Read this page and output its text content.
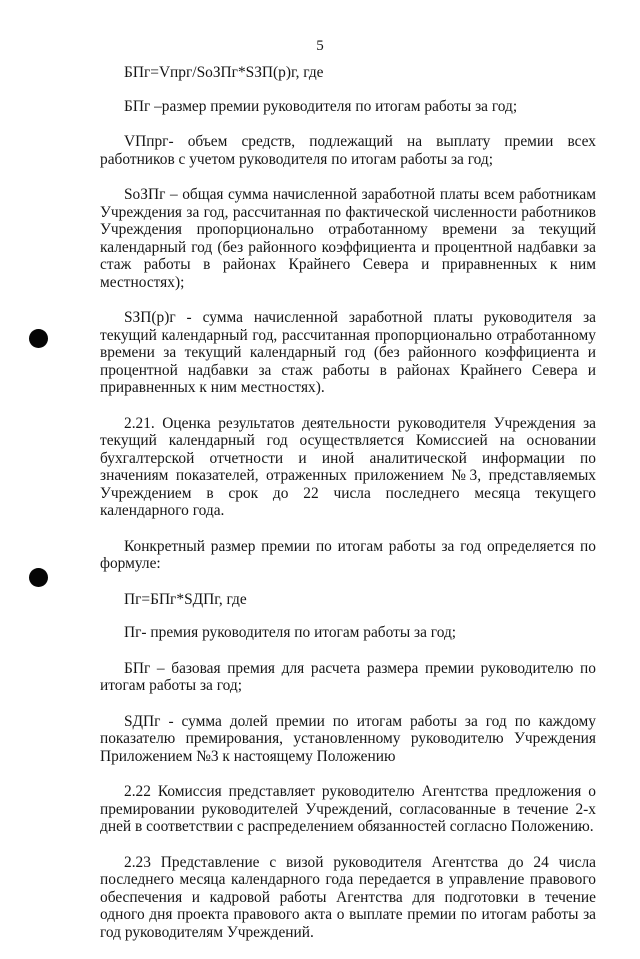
5

БПг=Vпрг/SoЗПг*SЗП(р)г, где

БПг –размер премии руководителя по итогам работы за год;

VПпрг- объем средств, подлежащий на выплату премии всех работников с учетом руководителя по итогам работы за год;

SoЗПг – общая сумма начисленной заработной платы всем работникам Учреждения за год, рассчитанная по фактической численности работников Учреждения пропорционально отработанному времени за текущий календарный год (без районного коэффициента и процентной надбавки за стаж работы в районах Крайнего Севера и приравненных к ним местностях);

SЗП(р)г - сумма начисленной заработной платы руководителя за текущий календарный год, рассчитанная пропорционально отработанному времени за текущий календарный год (без районного коэффициента и процентной надбавки за стаж работы в районах Крайнего Севера и приравненных к ним местностях).

2.21. Оценка результатов деятельности руководителя Учреждения за текущий календарный год осуществляется Комиссией на основании бухгалтерской отчетности и иной аналитической информации по значениям показателей, отраженных приложением №3, представляемых Учреждением в срок до 22 числа последнего месяца текущего календарного года.

Конкретный размер премии по итогам работы за год определяется по формуле:

Пг=БПг*SДПг, где

Пг- премия руководителя по итогам работы за год;

БПг – базовая премия для расчета размера премии руководителю по итогам работы за год;

SДПг - сумма долей премии по итогам работы за год по каждому показателю премирования, установленному руководителю Учреждения Приложением №3 к настоящему Положению

2.22 Комиссия представляет руководителю Агентства предложения о премировании руководителей Учреждений, согласованные в течение 2-х дней в соответствии с распределением обязанностей согласно Положению.

2.23 Представление с визой руководителя Агентства до 24 числа последнего месяца календарного года передается в управление правового обеспечения и кадровой работы Агентства для подготовки в течение одного дня проекта правового акта о выплате премии по итогам работы за год руководителям Учреждений.
